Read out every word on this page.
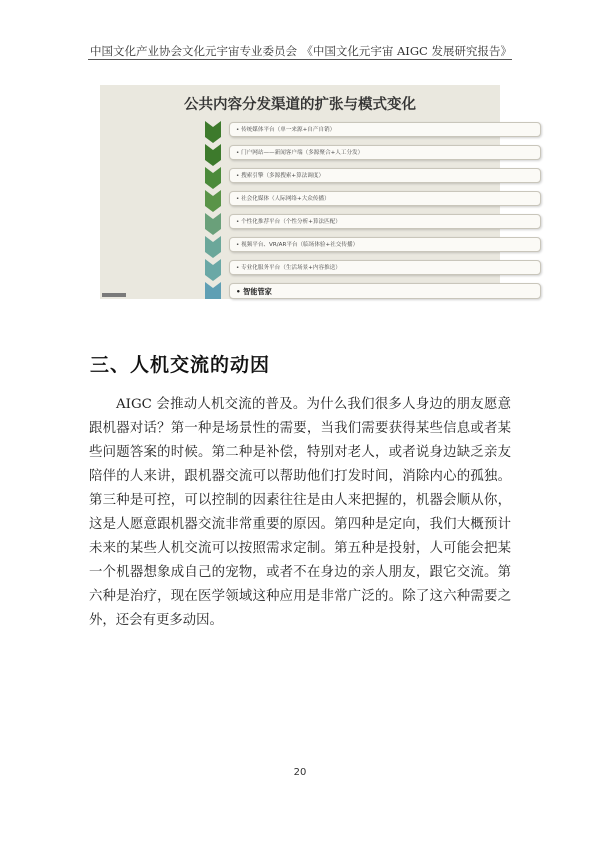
中国文化产业协会文化元宇宙专业委员会 《中国文化元宇宙 AIGC 发展研究报告》
公共内容分发渠道的扩张与模式变化
• 传统媒体平台（单一来源+自产自销）
• 门户网站——新闻客户端（多源聚合+人工分发）
• 搜索引擎（多源搜索+算法调度）
• 社会化媒体（人际网络+大众传播）
• 个性化推荐平台（个性分析+算法匹配）
• 视频平台、VR/AR平台（临场体验+社交传播）
• 专业化服务平台（生活场景+内容推送）
• 智能管家
三、人机交流的动因

AIGC 会推动人机交流的普及。为什么我们很多人身边的朋友愿意跟机器对话？第一种是场景性的需要，当我们需要获得某些信息或者某些问题答案的时候。第二种是补偿，特别对老人，或者说身边缺乏亲友陪伴的人来讲，跟机器交流可以帮助他们打发时间，消除内心的孤独。第三种是可控，可以控制的因素往往是由人来把握的，机器会顺从你，这是人愿意跟机器交流非常重要的原因。第四种是定向，我们大概预计未来的某些人机交流可以按照需求定制。第五种是投射，人可能会把某一个机器想象成自己的宠物，或者不在身边的亲人朋友，跟它交流。第六种是治疗，现在医学领域这种应用是非常广泛的。除了这六种需要之外，还会有更多动因。

20
